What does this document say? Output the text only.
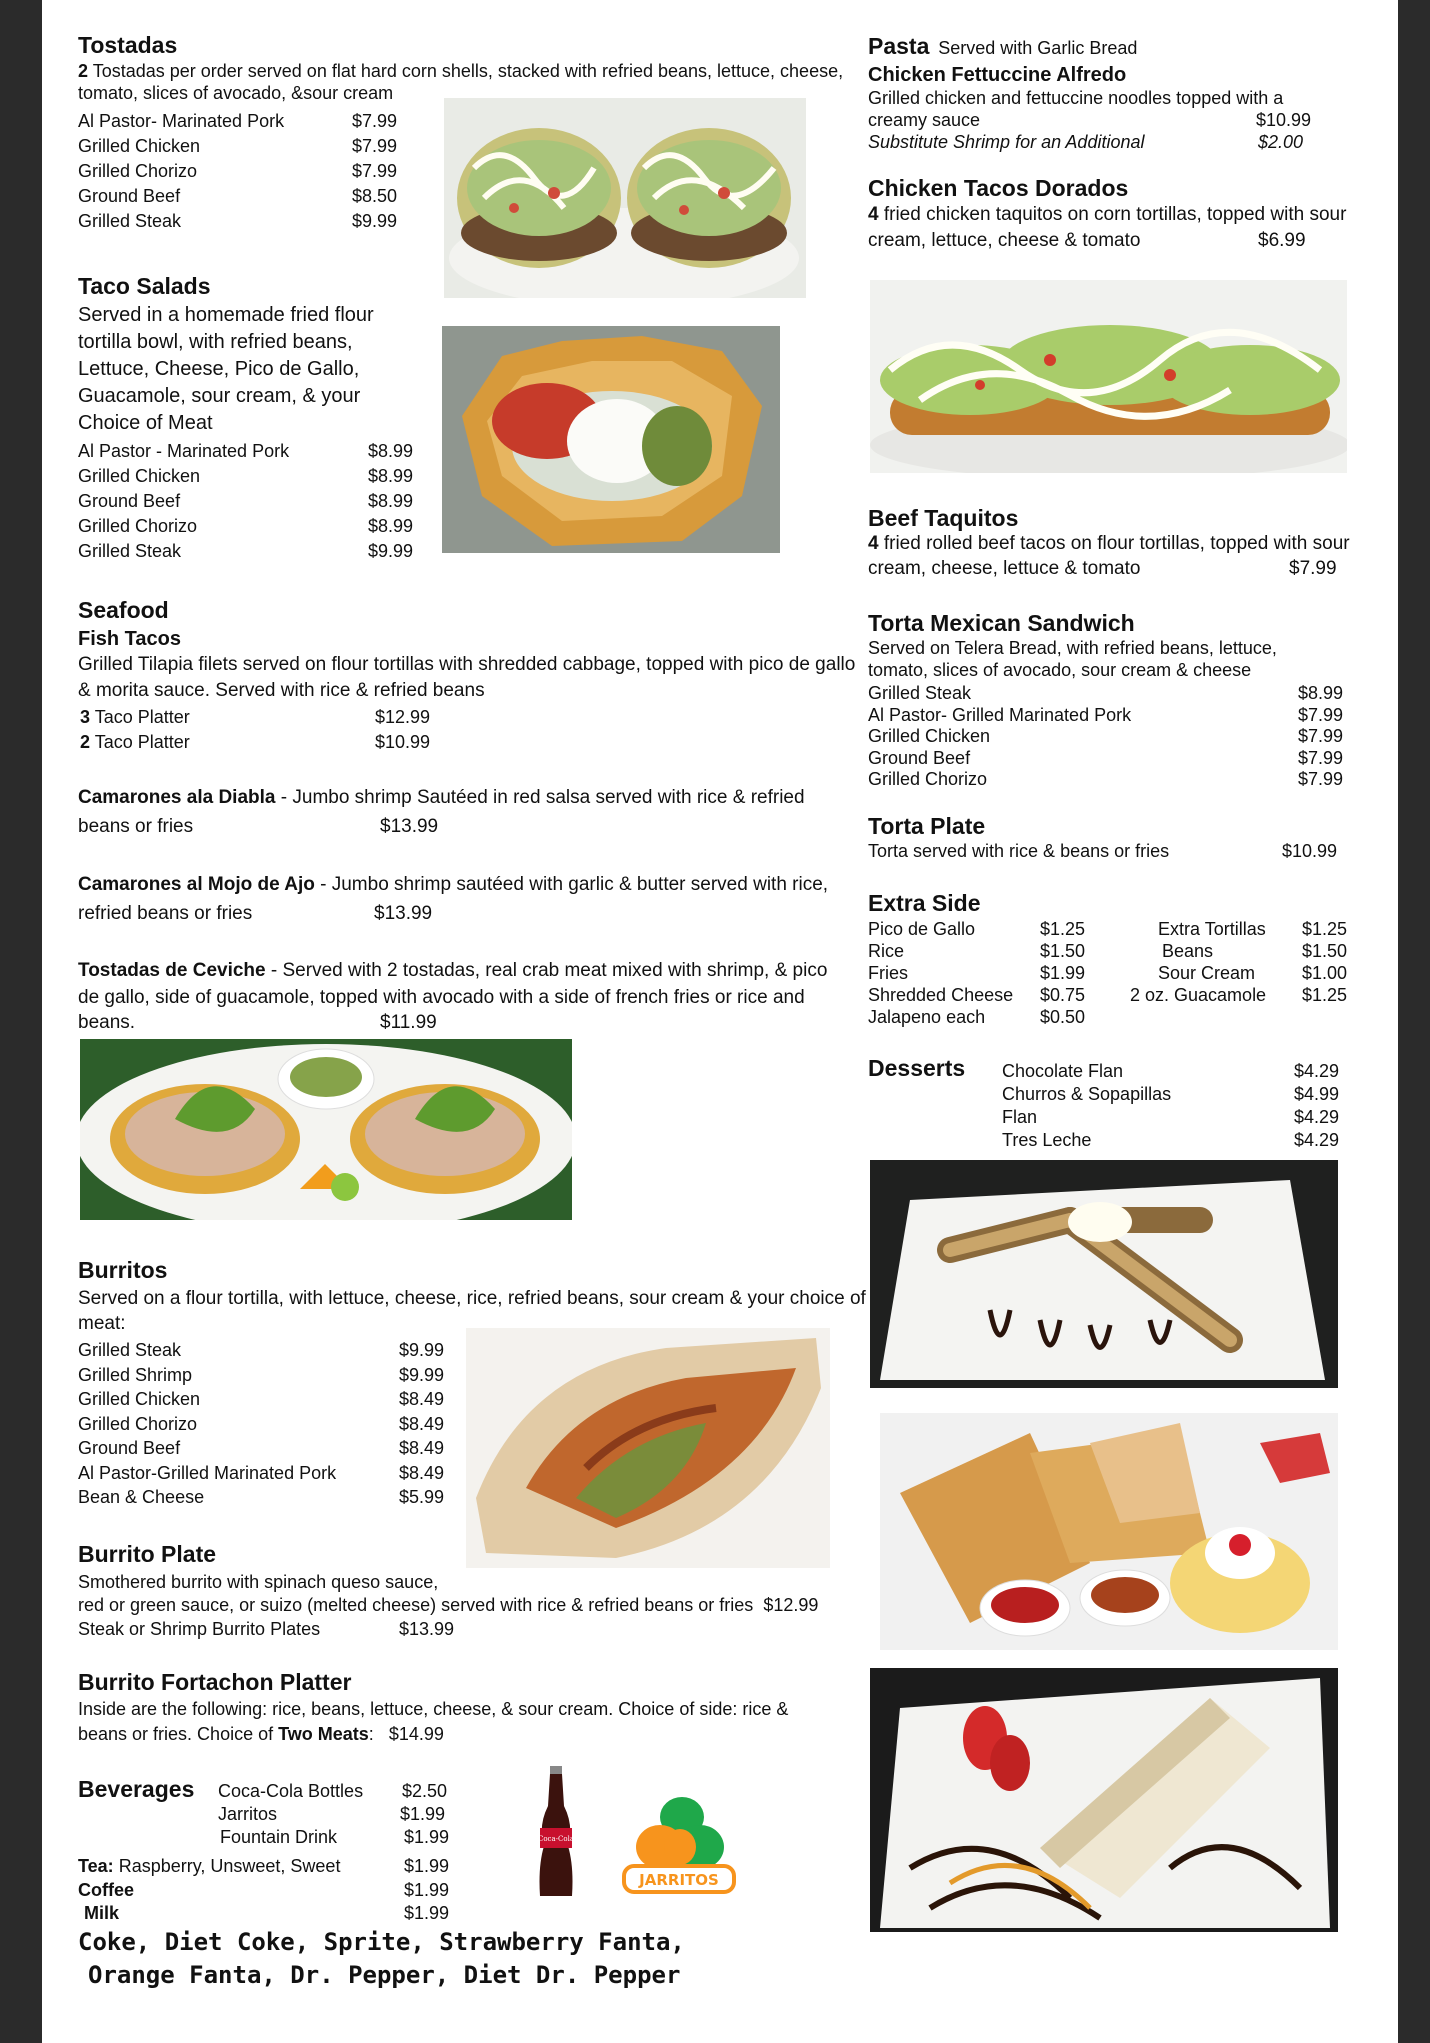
Tostadas
2 Tostadas per order served on flat hard corn shells, stacked with refried beans, lettuce, cheese, tomato, slices of avocado, &sour cream
Al Pastor- Marinated Pork	$7.99
Grilled Chicken	$7.99
Grilled Chorizo	$7.99
Ground Beef	$8.50
Grilled Steak	$9.99
Taco Salads
Served in a homemade fried flour tortilla bowl, with refried beans, Lettuce, Cheese, Pico de Gallo, Guacamole, sour cream, & your Choice of Meat
Al Pastor - Marinated Pork	$8.99
Grilled Chicken	$8.99
Ground Beef	$8.99
Grilled Chorizo	$8.99
Grilled Steak	$9.99
Seafood
Fish Tacos
Grilled Tilapia filets served on flour tortillas with shredded cabbage, topped with pico de gallo & morita sauce. Served with rice & refried beans
3 Taco Platter	$12.99
2 Taco Platter	$10.99
Camarones ala Diabla - Jumbo shrimp Sautéed in red salsa served with rice & refried
beans or fries	$13.99
Camarones al Mojo de Ajo - Jumbo shrimp sautéed with garlic & butter served with rice,
refried beans or fries	$13.99
Tostadas de Ceviche - Served with 2 tostadas, real crab meat mixed with shrimp, & pico
de gallo, side of guacamole, topped with avocado with a side of french fries or rice and
beans.	$11.99
Burritos
Served on a flour tortilla, with lettuce, cheese, rice, refried beans, sour cream & your choice of meat:
Grilled Steak	$9.99
Grilled Shrimp	$9.99
Grilled Chicken	$8.49
Grilled Chorizo	$8.49
Ground Beef	$8.49
Al Pastor-Grilled Marinated Pork	$8.49
Bean & Cheese	$5.99
Burrito Plate
Smothered burrito with spinach queso sauce,
red or green sauce, or suizo (melted cheese) served with rice & refried beans or fries $12.99
Steak or Shrimp Burrito Plates	$13.99
Burrito Fortachon Platter
Inside are the following: rice, beans, lettuce, cheese, & sour cream. Choice of side: rice &
beans or fries. Choice of Two Meats: $14.99
Beverages Coca-Cola Bottles $2.50
Jarritos	$1.99
Fountain Drink	$1.99
Tea: Raspberry, Unsweet, Sweet	$1.99
Coffee	$1.99
Milk	$1.99
Coke, Diet Coke, Sprite, Strawberry Fanta,
Orange Fanta, Dr. Pepper, Diet Dr. Pepper
Coca-Cola
JARRITOS
Pasta Served with Garlic Bread
Chicken Fettuccine Alfredo
Grilled chicken and fettuccine noodles topped with a
creamy sauce	$10.99
Substitute Shrimp for an Additional	$2.00
Chicken Tacos Dorados
4 fried chicken taquitos on corn tortillas, topped with sour
cream, lettuce, cheese & tomato	$6.99
Beef Taquitos
4 fried rolled beef tacos on flour tortillas, topped with sour
cream, cheese, lettuce & tomato	$7.99
Torta Mexican Sandwich
Served on Telera Bread, with refried beans, lettuce,
tomato, slices of avocado, sour cream & cheese
Grilled Steak	$8.99
Al Pastor- Grilled Marinated Pork	$7.99
Grilled Chicken	$7.99
Ground Beef	$7.99
Grilled Chorizo	$7.99
Torta Plate
Torta served with rice & beans or fries	$10.99
Extra Side
Pico de Gallo	$1.25
Rice	$1.50
Fries	$1.99
Shredded Cheese $0.75
Jalapeno each	$0.50
Extra Tortillas $1.25
Beans	$1.50
Sour Cream	$1.00
2 oz. Guacamole $1.25
Desserts Chocolate Flan	$4.29
Churros & Sopapillas	$4.99
Flan	$4.29
Tres Leche	$4.29
